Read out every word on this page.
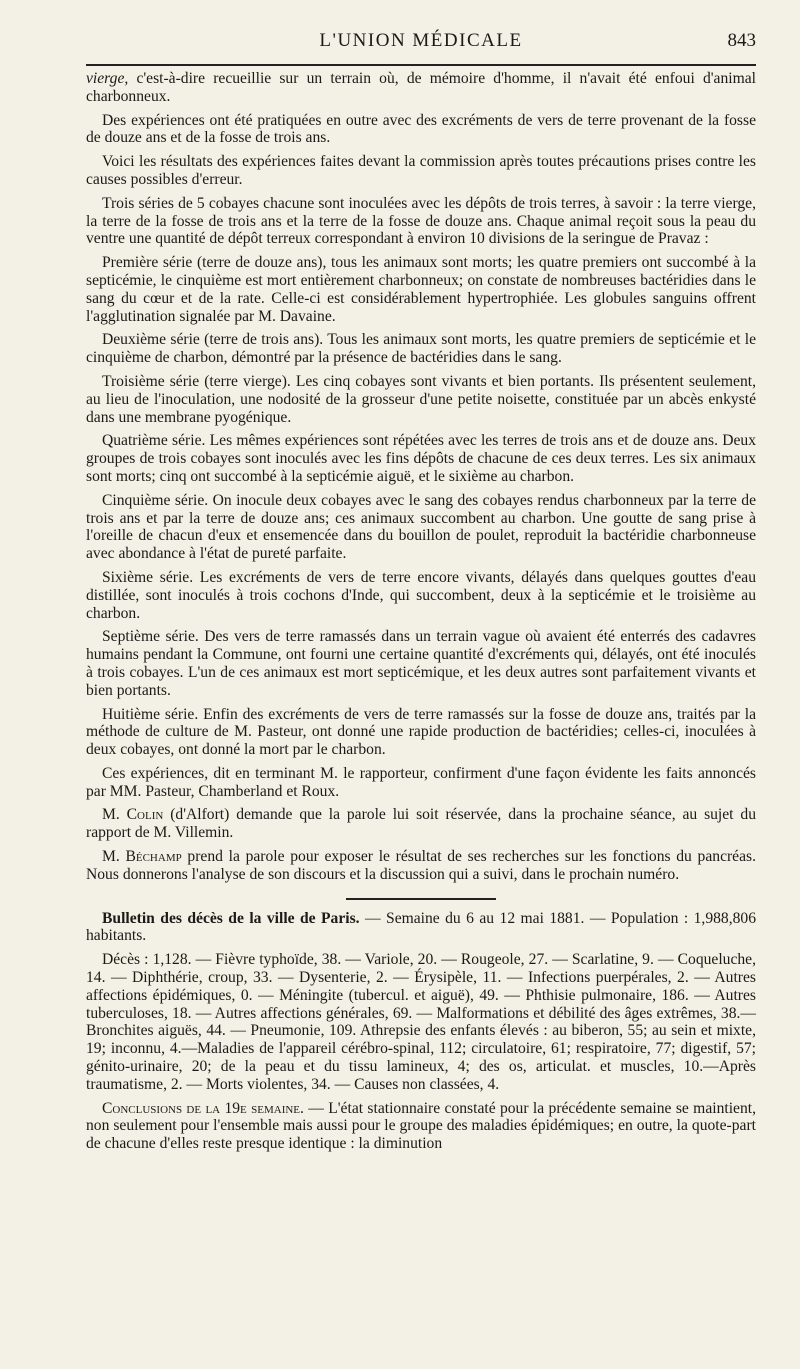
L'UNION MÉDICALE	843

vierge, c'est-à-dire recueillie sur un terrain où, de mémoire d'homme, il n'avait été enfoui d'animal charbonneux.

Des expériences ont été pratiquées en outre avec des excréments de vers de terre provenant de la fosse de douze ans et de la fosse de trois ans.

Voici les résultats des expériences faites devant la commission après toutes précautions prises contre les causes possibles d'erreur.

Trois séries de 5 cobayes chacune sont inoculées avec les dépôts de trois terres, à savoir : la terre vierge, la terre de la fosse de trois ans et la terre de la fosse de douze ans. Chaque animal reçoit sous la peau du ventre une quantité de dépôt terreux correspondant à environ 10 divisions de la seringue de Pravaz :

Première série (terre de douze ans), tous les animaux sont morts; les quatre premiers ont succombé à la septicémie, le cinquième est mort entièrement charbonneux; on constate de nombreuses bactéridies dans le sang du cœur et de la rate. Celle-ci est considérablement hypertrophiée. Les globules sanguins offrent l'agglutination signalée par M. Davaine.

Deuxième série (terre de trois ans). Tous les animaux sont morts, les quatre premiers de septicémie et le cinquième de charbon, démontré par la présence de bactéridies dans le sang.

Troisième série (terre vierge). Les cinq cobayes sont vivants et bien portants. Ils présentent seulement, au lieu de l'inoculation, une nodosité de la grosseur d'une petite noisette, constituée par un abcès enkysté dans une membrane pyogénique.

Quatrième série. Les mêmes expériences sont répétées avec les terres de trois ans et de douze ans. Deux groupes de trois cobayes sont inoculés avec les fins dépôts de chacune de ces deux terres. Les six animaux sont morts; cinq ont succombé à la septicémie aiguë, et le sixième au charbon.

Cinquième série. On inocule deux cobayes avec le sang des cobayes rendus charbonneux par la terre de trois ans et par la terre de douze ans; ces animaux succombent au charbon. Une goutte de sang prise à l'oreille de chacun d'eux et ensemencée dans du bouillon de poulet, reproduit la bactéridie charbonneuse avec abondance à l'état de pureté parfaite.

Sixième série. Les excréments de vers de terre encore vivants, délayés dans quelques gouttes d'eau distillée, sont inoculés à trois cochons d'Inde, qui succombent, deux à la septicémie et le troisième au charbon.

Septième série. Des vers de terre ramassés dans un terrain vague où avaient été enterrés des cadavres humains pendant la Commune, ont fourni une certaine quantité d'excréments qui, délayés, ont été inoculés à trois cobayes. L'un de ces animaux est mort septicémique, et les deux autres sont parfaitement vivants et bien portants.

Huitième série. Enfin des excréments de vers de terre ramassés sur la fosse de douze ans, traités par la méthode de culture de M. Pasteur, ont donné une rapide production de bactéridies; celles-ci, inoculées à deux cobayes, ont donné la mort par le charbon.

Ces expériences, dit en terminant M. le rapporteur, confirment d'une façon évidente les faits annoncés par MM. Pasteur, Chamberland et Roux.

M. Colin (d'Alfort) demande que la parole lui soit réservée, dans la prochaine séance, au sujet du rapport de M. Villemin.

M. Béchamp prend la parole pour exposer le résultat de ses recherches sur les fonctions du pancréas. Nous donnerons l'analyse de son discours et la discussion qui a suivi, dans le prochain numéro.

Bulletin des décès de la ville de Paris. — Semaine du 6 au 12 mai 1881. — Population : 1,988,806 habitants.

Décès : 1,128. — Fièvre typhoïde, 38. — Variole, 20. — Rougeole, 27. — Scarlatine, 9. — Coqueluche, 14. — Diphthérie, croup, 33. — Dysenterie, 2. — Érysipèle, 11. — Infections puerpérales, 2. — Autres affections épidémiques, 0. — Méningite (tubercul. et aiguë), 49. — Phthisie pulmonaire, 186. — Autres tuberculoses, 18. — Autres affections générales, 69. — Malformations et débilité des âges extrêmes, 38.— Bronchites aiguës, 44. — Pneumonie, 109. Athrepsie des enfants élevés : au biberon, 55; au sein et mixte, 19; inconnu, 4.—Maladies de l'appareil cérébro-spinal, 112; circulatoire, 61; respiratoire, 77; digestif, 57; génito-urinaire, 20; de la peau et du tissu lamineux, 4; des os, articulat. et muscles, 10.—Après traumatisme, 2. — Morts violentes, 34. — Causes non classées, 4.

Conclusions de la 19e semaine. — L'état stationnaire constaté pour la précédente semaine se maintient, non seulement pour l'ensemble mais aussi pour le groupe des maladies épidémiques; en outre, la quote-part de chacune d'elles reste presque identique : la diminution
